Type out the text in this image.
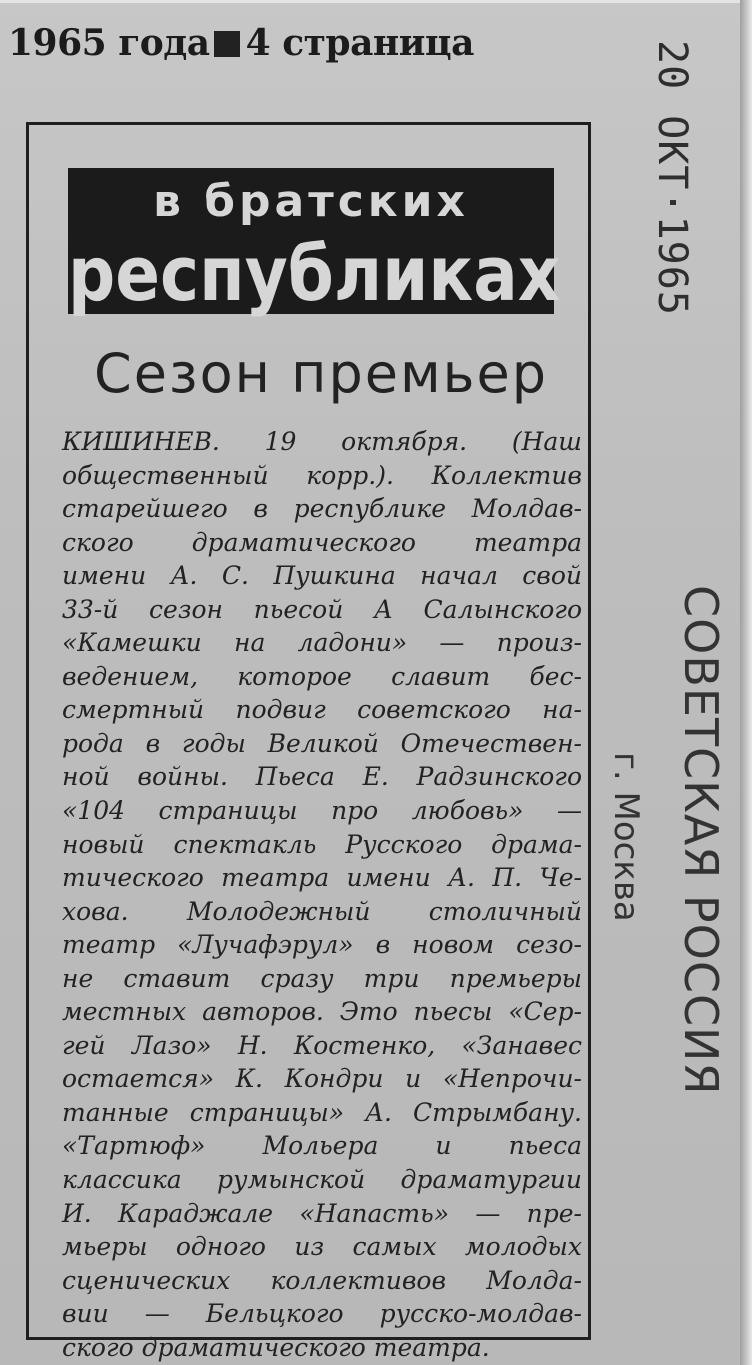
1965 года 4 страница
в братских
республиках
Сезон премьер
КИШИНЕВ. 19 октября. (Наш
общественный корр.). Коллектив
старейшего в республике Молдав-
ского драматического театра
имени А. С. Пушкина начал свой
33-й сезон пьесой А Салынского
«Камешки на ладони» — произ-
ведением, которое славит бес-
смертный подвиг советского на-
рода в годы Великой Отечествен-
ной войны. Пьеса Е. Радзинского
«104 страницы про любовь» —
новый спектакль Русского драма-
тического театра имени А. П. Че-
хова. Молодежный столичный
театр «Лучафэрул» в новом сезо-
не ставит сразу три премьеры
местных авторов. Это пьесы «Сер-
гей Лазо» Н. Костенко, «Занавес
остается» К. Кондри и «Непрочи-
танные страницы» А. Стрымбану.
«Тартюф» Мольера и пьеса
классика румынской драматургии
И. Караджале «Напасть» — пре-
мьеры одного из самых молодых
сценических коллективов Молда-
вии — Бельцкого русско-молдав-
ского драматического театра.
20 ОКТ·1965
СОВЕТСКАЯ РОССИЯ
г. Москва
